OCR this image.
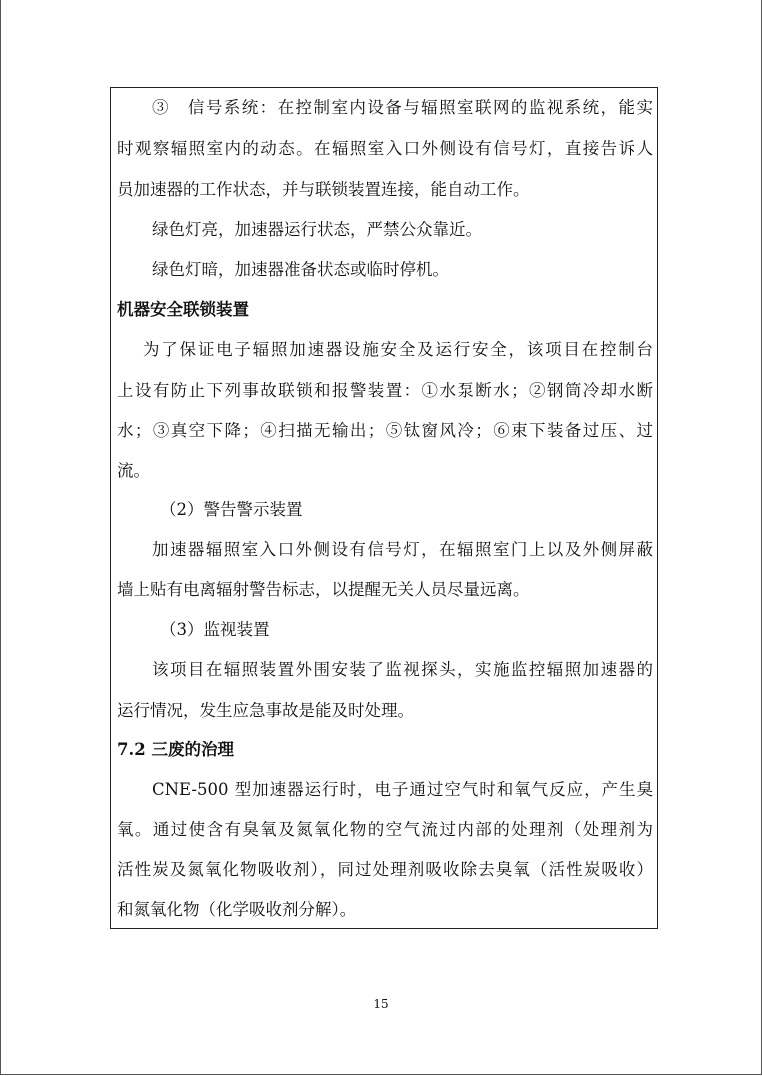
③　信号系统：在控制室内设备与辐照室联网的监视系统，能实
时观察辐照室内的动态。在辐照室入口外侧设有信号灯，直接告诉人
员加速器的工作状态，并与联锁装置连接，能自动工作。
绿色灯亮，加速器运行状态，严禁公众靠近。
绿色灯暗，加速器准备状态或临时停机。
机器安全联锁装置
为了保证电子辐照加速器设施安全及运行安全，该项目在控制台
上设有防止下列事故联锁和报警装置：①水泵断水；②钢筒冷却水断
水；③真空下降；④扫描无输出；⑤钛窗风冷；⑥束下装备过压、过
流。
（2）警告警示装置
加速器辐照室入口外侧设有信号灯，在辐照室门上以及外侧屏蔽
墙上贴有电离辐射警告标志，以提醒无关人员尽量远离。
（3）监视装置
该项目在辐照装置外围安装了监视探头，实施监控辐照加速器的
运行情况，发生应急事故是能及时处理。
7.2 三废的治理
CNE-500 型加速器运行时，电子通过空气时和氧气反应，产生臭
氧。通过使含有臭氧及氮氧化物的空气流过内部的处理剂（处理剂为
活性炭及氮氧化物吸收剂），同过处理剂吸收除去臭氧（活性炭吸收）
和氮氧化物（化学吸收剂分解）。
15
